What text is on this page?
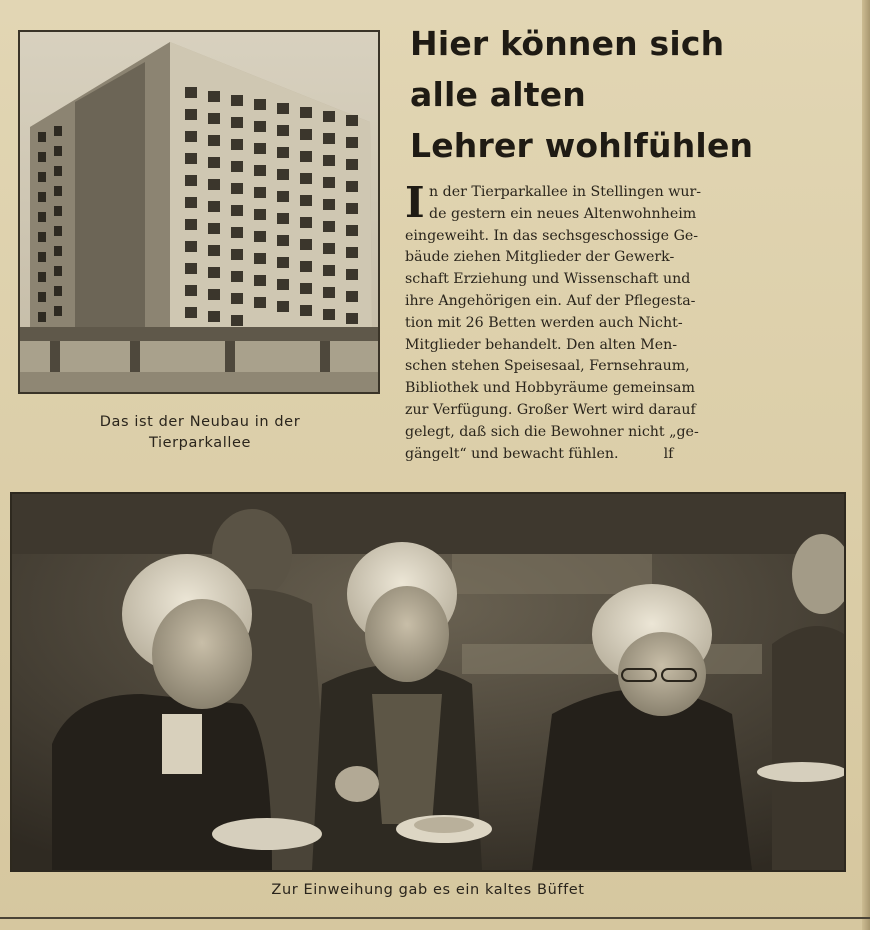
Das ist der Neubau in der
Tierparkallee

Hier können sich
alle alten
Lehrer wohlfühlen

I n der Tierparkallee in Stellingen wur-
de gestern ein neues Altenwohnheim
eingeweiht. In das sechsgeschossige Ge-
bäude ziehen Mitglieder der Gewerk-
schaft Erziehung und Wissenschaft und
ihre Angehörigen ein. Auf der Pflegesta-
tion mit 26 Betten werden auch Nicht-
Mitglieder behandelt. Den alten Men-
schen stehen Speisesaal, Fernsehraum,
Bibliothek und Hobbyräume gemeinsam
zur Verfügung. Großer Wert wird darauf
gelegt, daß sich die Bewohner nicht „ge-
gängelt“ und bewacht fühlen.          lf

Zur Einweihung gab es ein kaltes Büffet
